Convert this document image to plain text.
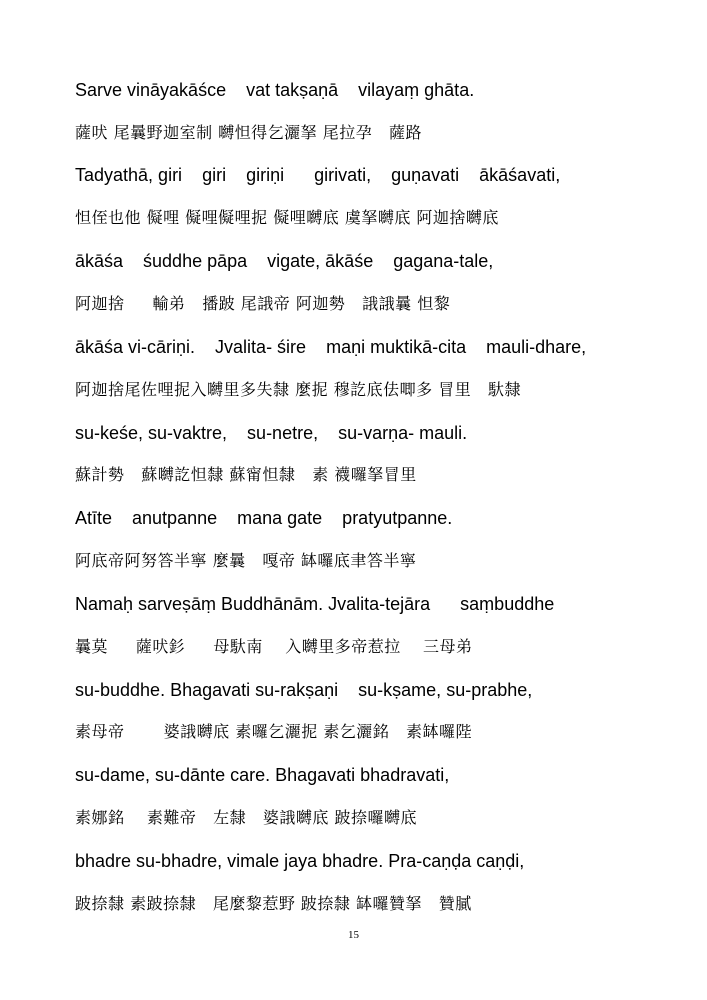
Sarve vināyakāśce    vat takṣaṇā    vilayaṃ ghāta.
薩吠 尾曩野迦室制 嚩怛得乞灑拏 尾拉孕   薩路
Tadyathā, giri    giri    giriṇi      girivati,    guṇavati    ākāśavati,
怛侄也他 儗哩 儗哩儗哩抳 儗哩嚩底 虞拏嚩底 阿迦捨嚩底
ākāśa    śuddhe pāpa    vigate, ākāśe    gagana-tale,
阿迦捨     輸弟   播跛 尾誐帝 阿迦勢   誐誐曩 怛黎
ākāśa vi-cāriṇi.    Jvalita- śire    maṇi muktikā-cita    mauli-dhare,
阿迦捨尾佐哩抳入嚩里多失隸 麼抳 穆訖底佉唧多 冒里   馱隸
su-keśe, su-vaktre,    su-netre,    su-varṇa- mauli.
蘇計勢   蘇嚩訖怛隸 蘇甯怛隸   素 襪囉拏冒里
Atīte    anutpanne    mana gate    pratyutpanne.
阿底帝阿努答半寧 麼曩   嘎帝 缽囉底聿答半寧
Namaḥ sarveṣāṃ Buddhānām. Jvalita-tejāra      saṃbuddhe
曩莫     薩吠釤     母馱南    入嚩里多帝惹拉    三母弟
su-buddhe. Bhagavati su-rakṣaṇi    su-kṣame, su-prabhe,
素母帝       婆誐嚩底 素囉乞灑抳 素乞灑銘   素缽囉陛
su-dame, su-dānte care. Bhagavati bhadravati,
素娜銘    素難帝   左隸   婆誐嚩底 跛捺囉嚩底
bhadre su-bhadre, vimale jaya bhadre. Pra-caṇḍa caṇḍi,
跛捺隸 素跛捺隸   尾麼黎惹野 跛捺隸 缽囉贊拏   贊膩
15
